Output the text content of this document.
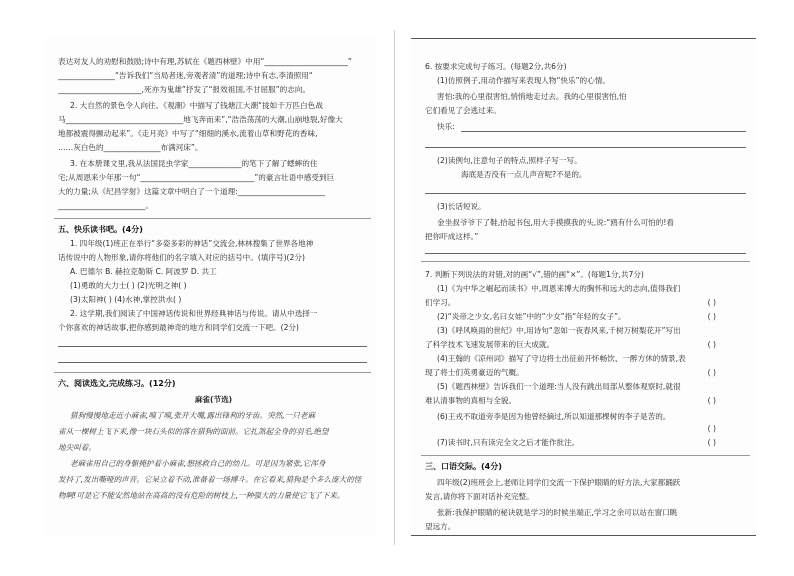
表达对友人的劝慰和鼓励;诗中有理,苏轼在《题西林壁》中用“______________________”
_______________“告诉我们“当局者迷,旁观者清”的道理;诗中有志,李清照用“
______________________,死亦为鬼雄”抒发了“报效祖国,不甘屈服”的志向。
2. 大自然的景色令人向往。《观潮》中描写了钱塘江大潮“拢如千万匹白色战
马_______________________________地飞奔而来”,“浩浩荡荡的大潮,山崩地裂,好像大
地都被震得颤动起来”。《走月亮》中写了“细细的溪水,流着山草和野花的香味,
……灰白色的_______________布满河床”。
3. 在本册课文里,我从法国昆虫学家______________的笔下了解了蟋蟀的住
宅;从周恩来少年那一句“______________________________”的豪言壮语中感受到巨
大的力量;从《纪昌学射》这篇文章中明白了一个道理:_______________________
_______________________。
五、快乐读书吧。(4分)
1. 四年级(1)班正在举行“多姿多彩的神话”交流会,林林搜集了世界各地神
话传说中的人物形象,请你将他们的名字填入对应的括号中。(填序号)(2分)
A. 巴德尔 B. 赫拉克勒斯 C. 阿波罗 D. 共工
(1)勇敢的大力士( ) (2)光明之神( )
(3)太阳神( ) (4)水神,掌控洪水( )
2. 这学期,我们阅读了中国神话传说和世界经典神话与传说。请从中选择一
个你喜欢的神话故事,把你感到最神奇的地方和同学们交流一下吧。(2分)
六、阅读选文,完成练习。(12分)
麻雀(节选)
猎狗慢慢地走近小麻雀,嗅了嗅,张开大嘴,露出锋利的牙齿。突然,一只老麻
雀从一棵树上飞下来,像一块石头似的落在猎狗的面前。它扎煞起全身的羽毛,绝望
地尖叫着。
老麻雀用自己的身躯掩护着小麻雀,想拯救自己的幼儿。可是因为紧张,它浑身
发抖了,发出嘶哑的声音。它呆立着不动,准备着一场搏斗。在它看来,猎狗是个多么庞大的怪
物啊!可是它不能安然地站在高高的没有危险的树枝上,一种强大的力量使它飞了下来。
6. 按要求完成句子练习。(每题2分,共6分)
(1)仿照例子,用动作描写来表现人物“快乐”的心情。
害怕:我的心里很害怕,悄悄地走过去。我的心里很害怕,怕
它们看见了会逃过来。
快乐:
(2)读例句,注意句子的特点,照样子写一写。
海底是否没有一点儿声音呢?不是的。
(3)长话短说。
金坐叔爷爷下了鞋,拾起书包,用大手摸摸我的头,说:“鸥有什么可怕的!看
把你吓成这样。”
7. 判断下列说法的对错,对的画“√”,错的画“×”。(每题1分,共7分)
(1)《为中华之崛起而读书》中,周恩来博大的胸怀和远大的志向,值得我们
们学习。	( )
(2)“炎帝之少女,名曰女娃”中的“少女”指“年轻的女子”。	( )
(3)《呼风唤雨的世纪》中,用诗句“忽如一夜春风来,千树万树梨花开”写出
了科学技术飞速发展带来的巨大成就。	( )
(4)王翰的《凉州词》描写了守边将士出征前开怀畅饮、一醉方休的情景,表
现了将士们英勇豪迈的气概。	( )
(5)《题西林壁》告诉我们一个道理:当人没有跳出局部从整体观察时,就很
难认清事物的真相与全貌。	( )
(6)王戎不取道旁李是因为他曾经摘过,所以知道那棵树的李子是苦的。
( )
(7)读书时,只有读完全文之后才能作批注。	( )
三、口语交际。(4分)
四年级(2)班班会上,老师让同学们交流一下保护眼睛的好方法,大家都踊跃
发言,请你将下面对话补充完整。
张新:我保护眼睛的秘诀就是学习的时候坐端正,学习之余可以站在窗口眺
望远方。
